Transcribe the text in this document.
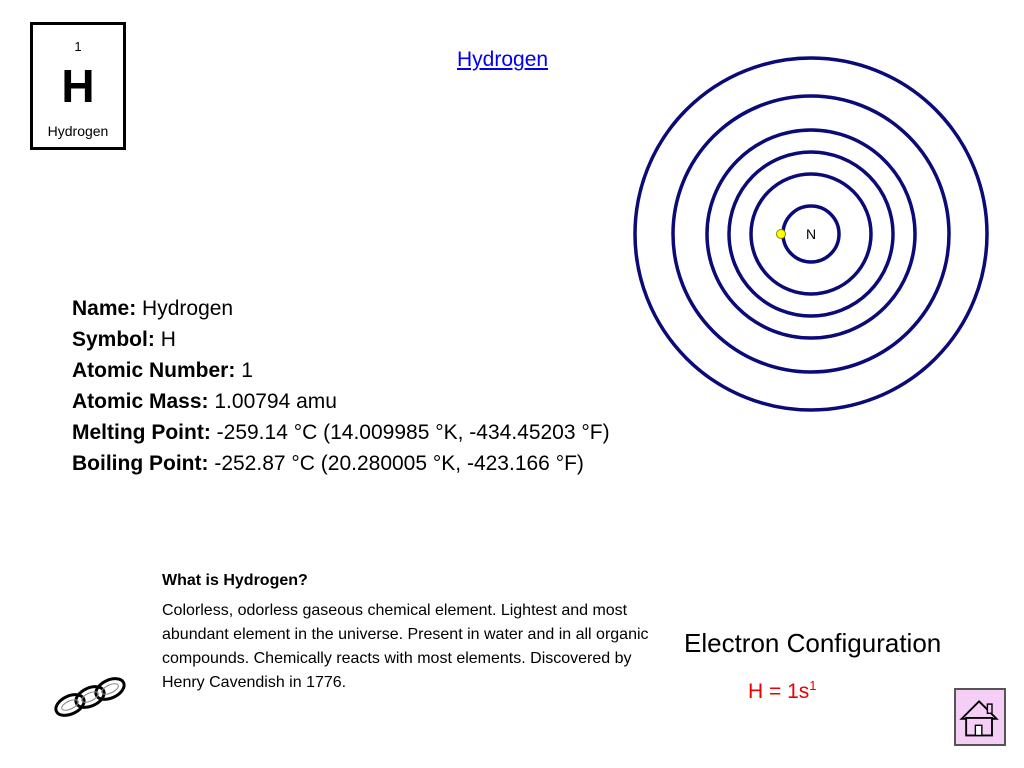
1
H
Hydrogen
Hydrogen
N
Name: Hydrogen
Symbol: H
Atomic Number: 1
Atomic Mass: 1.00794 amu
Melting Point: -259.14 °C (14.009985 °K, -434.45203 °F)
Boiling Point: -252.87 °C (20.280005 °K, -423.166 °F)
What is Hydrogen?
Colorless, odorless gaseous chemical element. Lightest and most abundant element in the universe. Present in water and in all organic compounds. Chemically reacts with most elements. Discovered by Henry Cavendish in 1776.
Electron Configuration
$H = 1s^1$
